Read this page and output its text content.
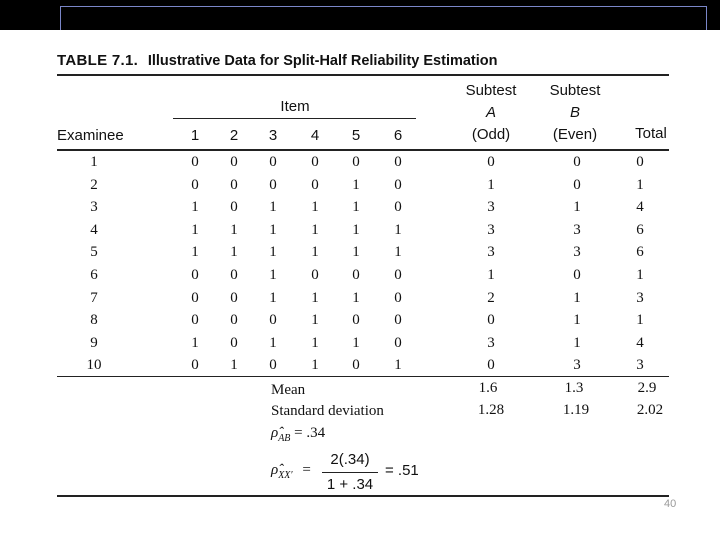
TABLE 7.1. Illustrative Data for Split-Half Reliability Estimation
Item
Examinee	1 2 3 4 5 6
Subtest
A
(Odd)
Subtest
B
(Even)	Total
1	0 0 0 0 0 0	0	0	0
2	0 0 0 0 1 0	1	0	1
3	1 0 1 1 1 0	3	1	4
4	1 1 1 1 1 1	3	3	6
5	1 1 1 1 1 1	3	3	6
6	0 0 1 0 0 0	1	0	1
7	0 0 1 1 1 0	2	1	3
8	0 0 0 1 0 0	0	1	1
9	1 0 1 1 1 0	3	1	4
10	0 1 0 1 0 1	0	3	3
Mean	1.6	1.3	2.9
Standard deviation	1.28	1.19	2.02
$\rhô_{AB} = .34$
$\rhô_{XX'}$ =
2(.34)
1 + .34
= .51
40
